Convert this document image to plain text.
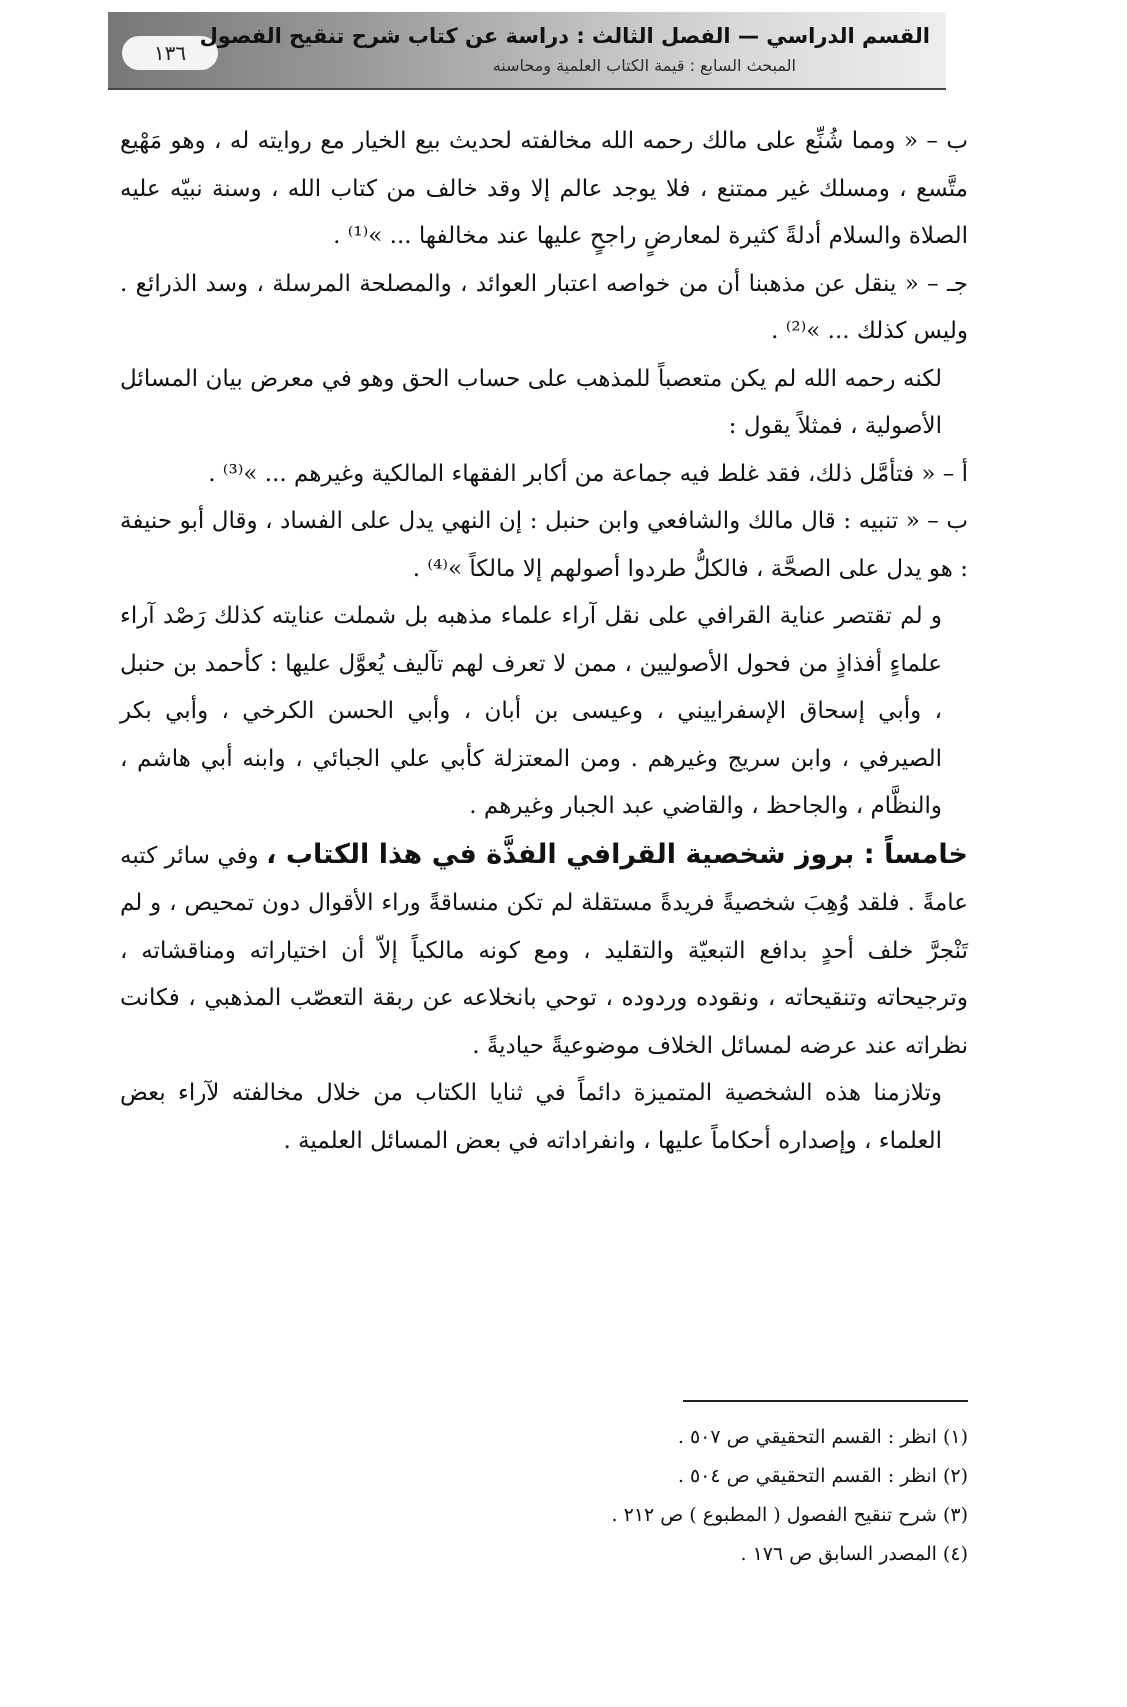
١٣٦
القسم الدراسي — الفصل الثالث : دراسة عن كتاب شرح تنقيح الفصول
المبحث السابع : قيمة الكتاب العلمية ومحاسنه

ب – « ومما شُنِّع على مالك رحمه الله مخالفته لحديث بيع الخيار مع روايته له ، وهو مَهْيع متَّسع ، ومسلك غير ممتنع ، فلا يوجد عالم إلا وقد خالف من كتاب الله ، وسنة نبيّه عليه الصلاة والسلام أدلةً كثيرة لمعارضٍ راجحٍ عليها عند مخالفها ... »⁽¹⁾ .

جـ – « ينقل عن مذهبنا أن من خواصه اعتبار العوائد ، والمصلحة المرسلة ، وسد الذرائع . وليس كذلك ... »⁽²⁾ .

لكنه رحمه الله لم يكن متعصباً للمذهب على حساب الحق وهو في معرض بيان المسائل الأصولية ، فمثلاً يقول :

أ – « فتأمَّل ذلك، فقد غلط فيه جماعة من أكابر الفقهاء المالكية وغيرهم ... »⁽³⁾ .

ب – « تنبيه : قال مالك والشافعي وابن حنبل : إن النهي يدل على الفساد ، وقال أبو حنيفة : هو يدل على الصحَّة ، فالكلُّ طردوا أصولهم إلا مالكاً »⁽⁴⁾ .

و لم تقتصر عناية القرافي على نقل آراء علماء مذهبه بل شملت عنايته كذلك رَصْد آراء علماءٍ أفذاذٍ من فحول الأصوليين ، ممن لا تعرف لهم تآليف يُعوَّل عليها : كأحمد بن حنبل ، وأبي إسحاق الإسفراييني ، وعيسى بن أبان ، وأبي الحسن الكرخي ، وأبي بكر الصيرفي ، وابن سريج وغيرهم . ومن المعتزلة كأبي علي الجبائي ، وابنه أبي هاشم ، والنظَّام ، والجاحظ ، والقاضي عبد الجبار وغيرهم .

خامساً : بروز شخصية القرافي الفذَّة في هذا الكتاب ، وفي سائر كتبه عامةً . فلقد وُهِبَ شخصيةً فريدةً مستقلة لم تكن منساقةً وراء الأقوال دون تمحيص ، و لم تَنْجرَّ خلف أحدٍ بدافع التبعيّة والتقليد ، ومع كونه مالكياً إلاّ أن اختياراته ومناقشاته ، وترجيحاته وتنقيحاته ، ونقوده وردوده ، توحي بانخلاعه عن ربقة التعصّب المذهبي ، فكانت نظراته عند عرضه لمسائل الخلاف موضوعيةً حياديةً .

وتلازمنا هذه الشخصية المتميزة دائماً في ثنايا الكتاب من خلال مخالفته لآراء بعض العلماء ، وإصداره أحكاماً عليها ، وانفراداته في بعض المسائل العلمية .

(١) انظر : القسم التحقيقي ص ٥٠٧ .
(٢) انظر : القسم التحقيقي ص ٥٠٤ .
(٣) شرح تنقيح الفصول ( المطبوع ) ص ٢١٢ .
(٤) المصدر السابق ص ١٧٦ .
